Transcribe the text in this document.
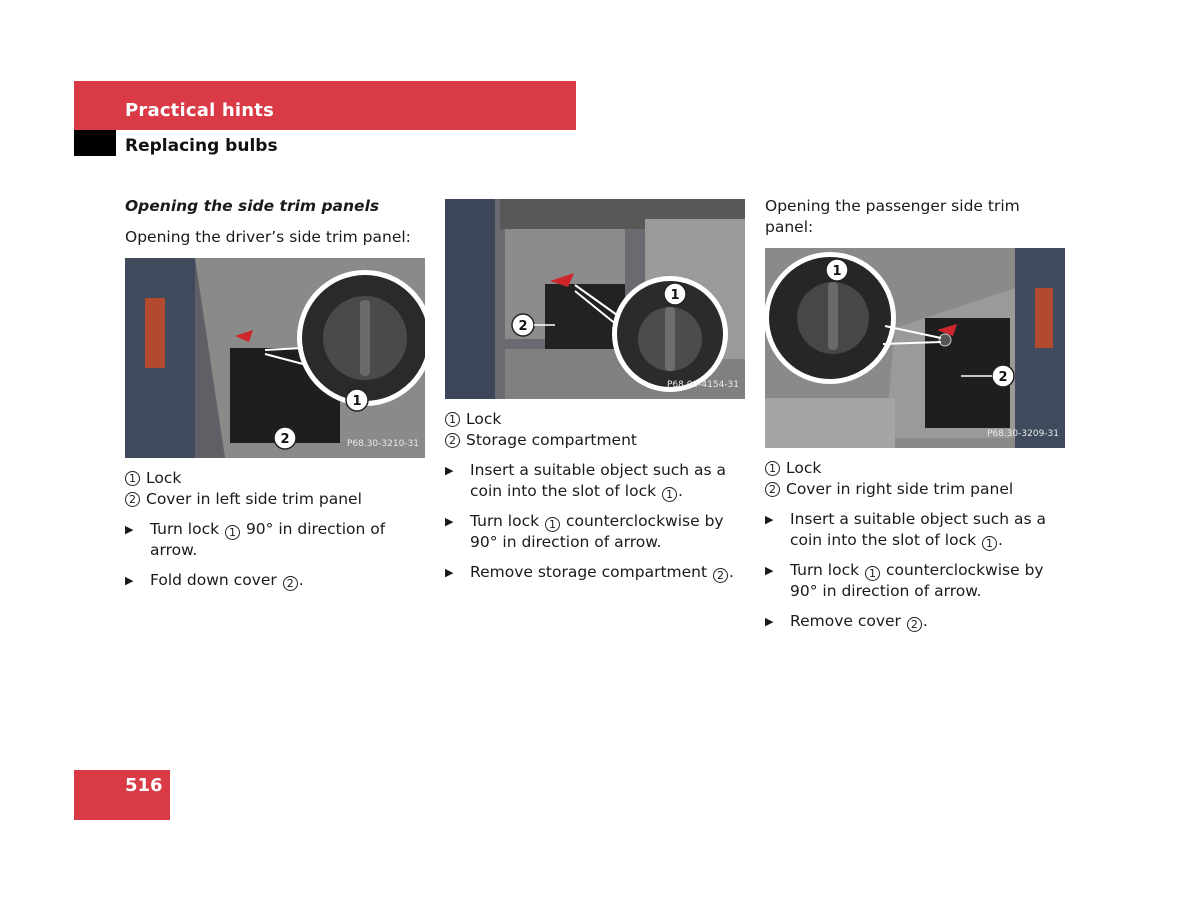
Practical hints
Replacing bulbs
Opening the side trim panels
Opening the driver’s side trim panel:
1
2	P68.30-3210-31
1 Lock
2 Cover in left side trim panel
▶	Turn lock 1 90° in direction of arrow.
▶	Fold down cover 2 .
1
2
P68.00-4154-31
1 Lock
2 Storage compartment
▶	Insert a suitable object such as a coin into the slot of lock 1 .
▶	Turn lock 1 counterclockwise by 90° in direction of arrow.
▶	Remove storage compartment 2 .
Opening the passenger side trim panel:
1
2
P68.30-3209-31
1 Lock
2 Cover in right side trim panel
▶	Insert a suitable object such as a coin into the slot of lock 1 .
▶	Turn lock 1 counterclockwise by 90° in direction of arrow.
▶	Remove cover 2 .
516
